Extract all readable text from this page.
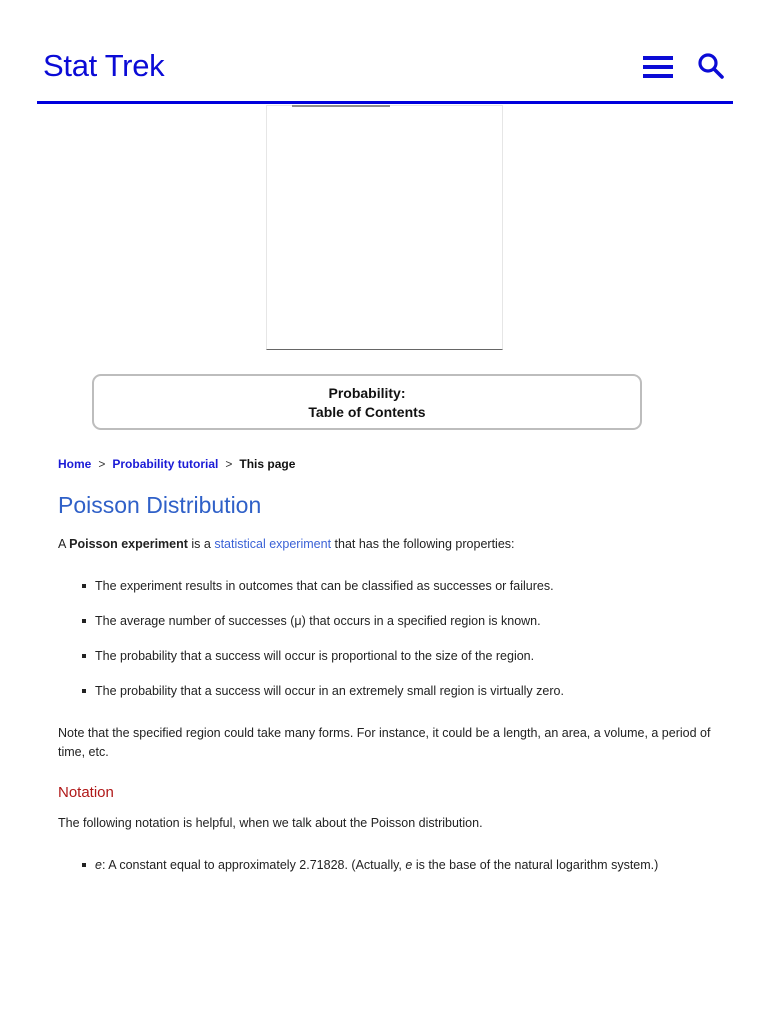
Stat Trek
Probability:
Table of Contents
Home > Probability tutorial > This page
Poisson Distribution

A Poisson experiment is a statistical experiment that has the following properties:

The experiment results in outcomes that can be classified as successes or failures.
The average number of successes (μ) that occurs in a specified region is known.
The probability that a success will occur is proportional to the size of the region.
The probability that a success will occur in an extremely small region is virtually zero.

Note that the specified region could take many forms. For instance, it could be a length, an area, a volume, a period of time, etc.

Notation

The following notation is helpful, when we talk about the Poisson distribution.

e: A constant equal to approximately 2.71828. (Actually, e is the base of the natural logarithm system.)
